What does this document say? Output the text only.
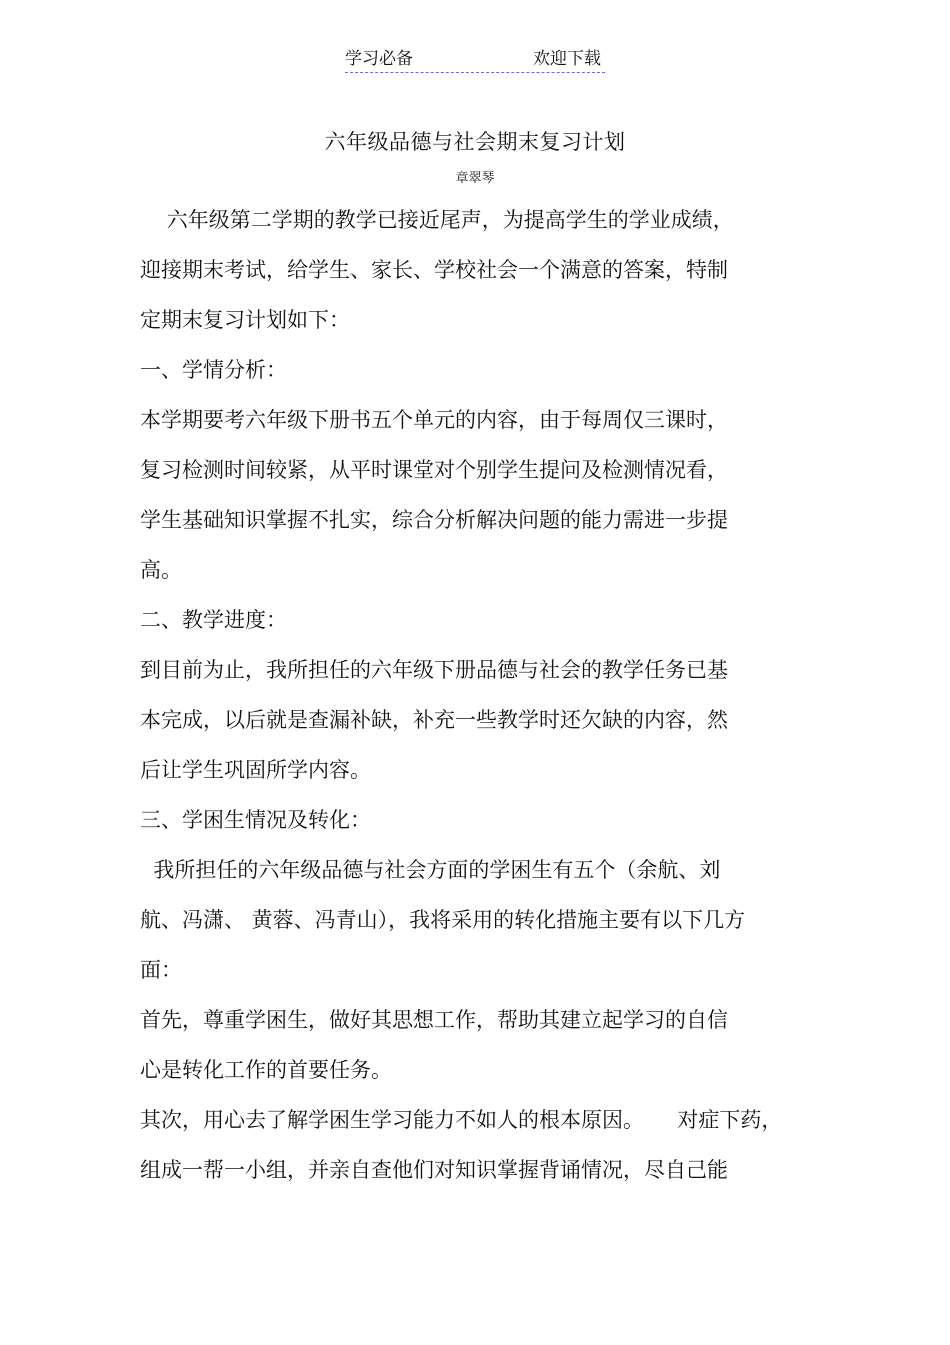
学习必备	欢迎下载
六年级品德与社会期末复习计划
章翠琴
六年级第二学期的教学已接近尾声，为提高学生的学业成绩，
迎接期末考试，给学生、家长、学校社会一个满意的答案，特制
定期末复习计划如下：
一、学情分析：
本学期要考六年级下册书五个单元的内容，由于每周仅三课时，
复习检测时间较紧，从平时课堂对个别学生提问及检测情况看，
学生基础知识掌握不扎实，综合分析解决问题的能力需进一步提
高。
二、教学进度：
到目前为止，我所担任的六年级下册品德与社会的教学任务已基
本完成，以后就是查漏补缺，补充一些教学时还欠缺的内容，然
后让学生巩固所学内容。
三、学困生情况及转化：
我所担任的六年级品德与社会方面的学困生有五个（余航、刘
航、冯潇、 黄蓉、冯青山），我将采用的转化措施主要有以下几方
面：
首先，尊重学困生，做好其思想工作，帮助其建立起学习的自信
心是转化工作的首要任务。
其次，用心去了解学困生学习能力不如人的根本原因。     对症下药，
组成一帮一小组，并亲自查他们对知识掌握背诵情况，尽自己能
